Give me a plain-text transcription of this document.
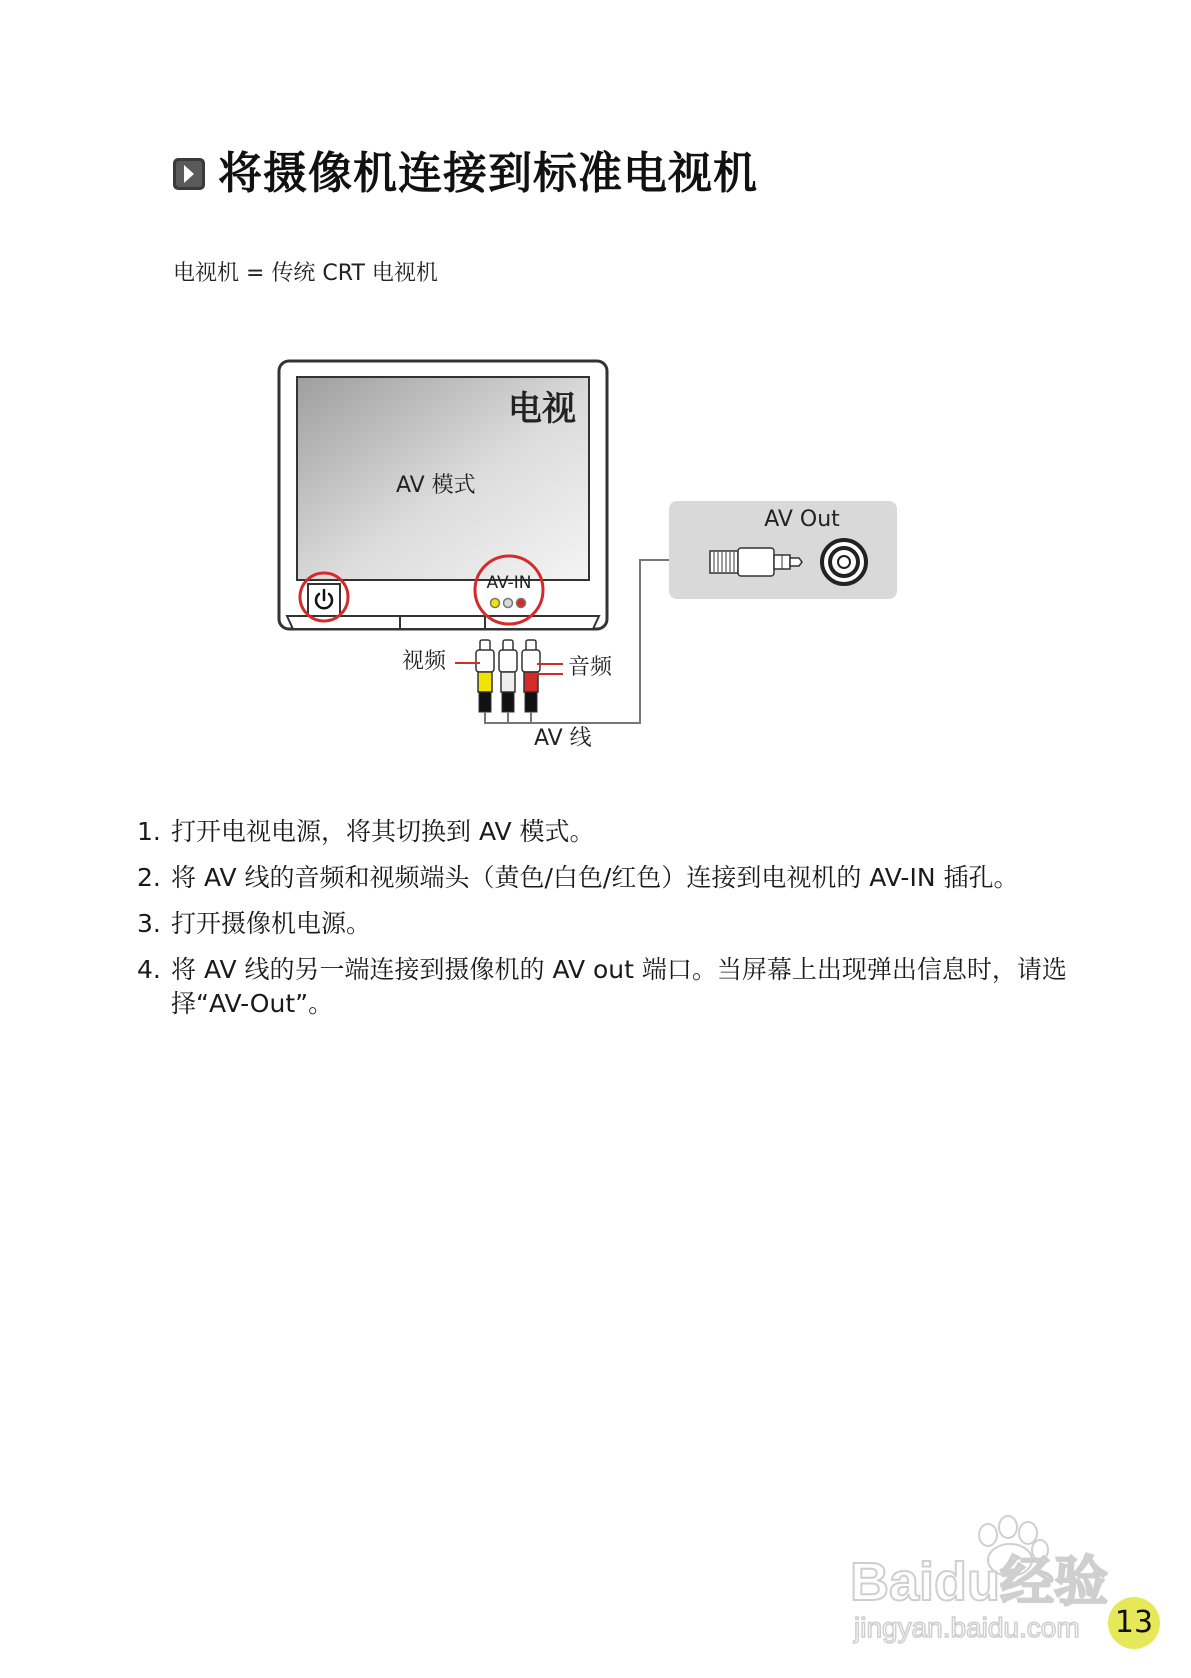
将摄像机连接到标准电视机
电视机 = 传统 CRT 电视机
电视
AV 模式
AV-IN
视频	音频
AV 线
AV Out
1. 打开电视电源，将其切换到 AV 模式。
2. 将 AV 线的音频和视频端头（黄色/白色/红色）连接到电视机的 AV-IN 插孔。
3. 打开摄像机电源。
4. 将 AV 线的另一端连接到摄像机的 AV out 端口。当屏幕上出现弹出信息时，请选择“AV-Out”。
Baidu经验
jingyan.baidu.com 13
